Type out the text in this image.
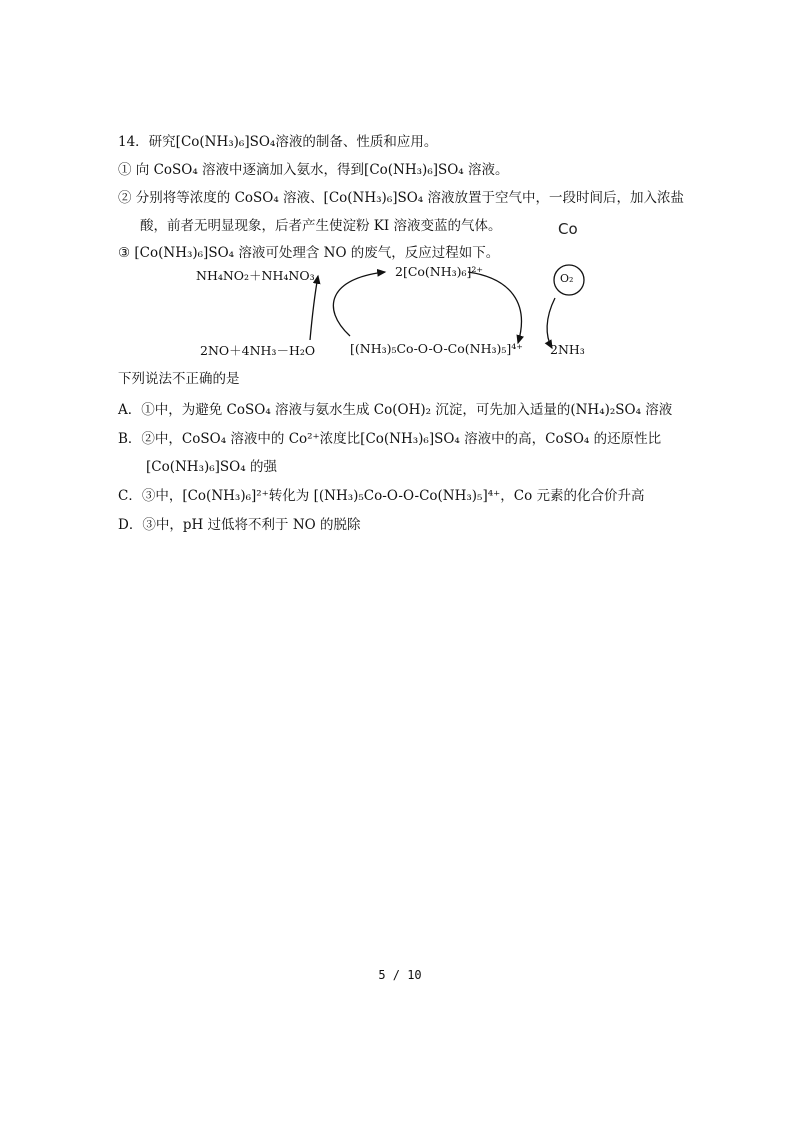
14．研究[Co(NH₃)₆]SO₄溶液的制备、性质和应用。
① 向 CoSO₄ 溶液中逐滴加入氨水，得到[Co(NH₃)₆]SO₄ 溶液。
② 分别将等浓度的 CoSO₄ 溶液、[Co(NH₃)₆]SO₄ 溶液放置于空气中，一段时间后，加入浓盐
酸，前者无明显现象，后者产生使淀粉 KI 溶液变蓝的气体。	Co
③ [Co(NH₃)₆]SO₄ 溶液可处理含 NO 的废气，反应过程如下。
NH₄NO₂＋NH₄NO₃	2[Co(NH₃)₆]²⁺
2NO＋4NH₃－H₂O	[(NH₃)₅Co-O-O-Co(NH₃)₅]⁴⁺ 2NH₃
O₂
下列说法不正确的是
A．①中，为避免 CoSO₄ 溶液与氨水生成 Co(OH)₂ 沉淀，可先加入适量的(NH₄)₂SO₄ 溶液
B．②中，CoSO₄ 溶液中的 Co²⁺浓度比[Co(NH₃)₆]SO₄ 溶液中的高，CoSO₄ 的还原性比
[Co(NH₃)₆]SO₄ 的强
C．③中，[Co(NH₃)₆]²⁺转化为 [(NH₃)₅Co-O-O-Co(NH₃)₅]⁴⁺，Co 元素的化合价升高
D．③中，pH 过低将不利于 NO 的脱除
5 / 10
